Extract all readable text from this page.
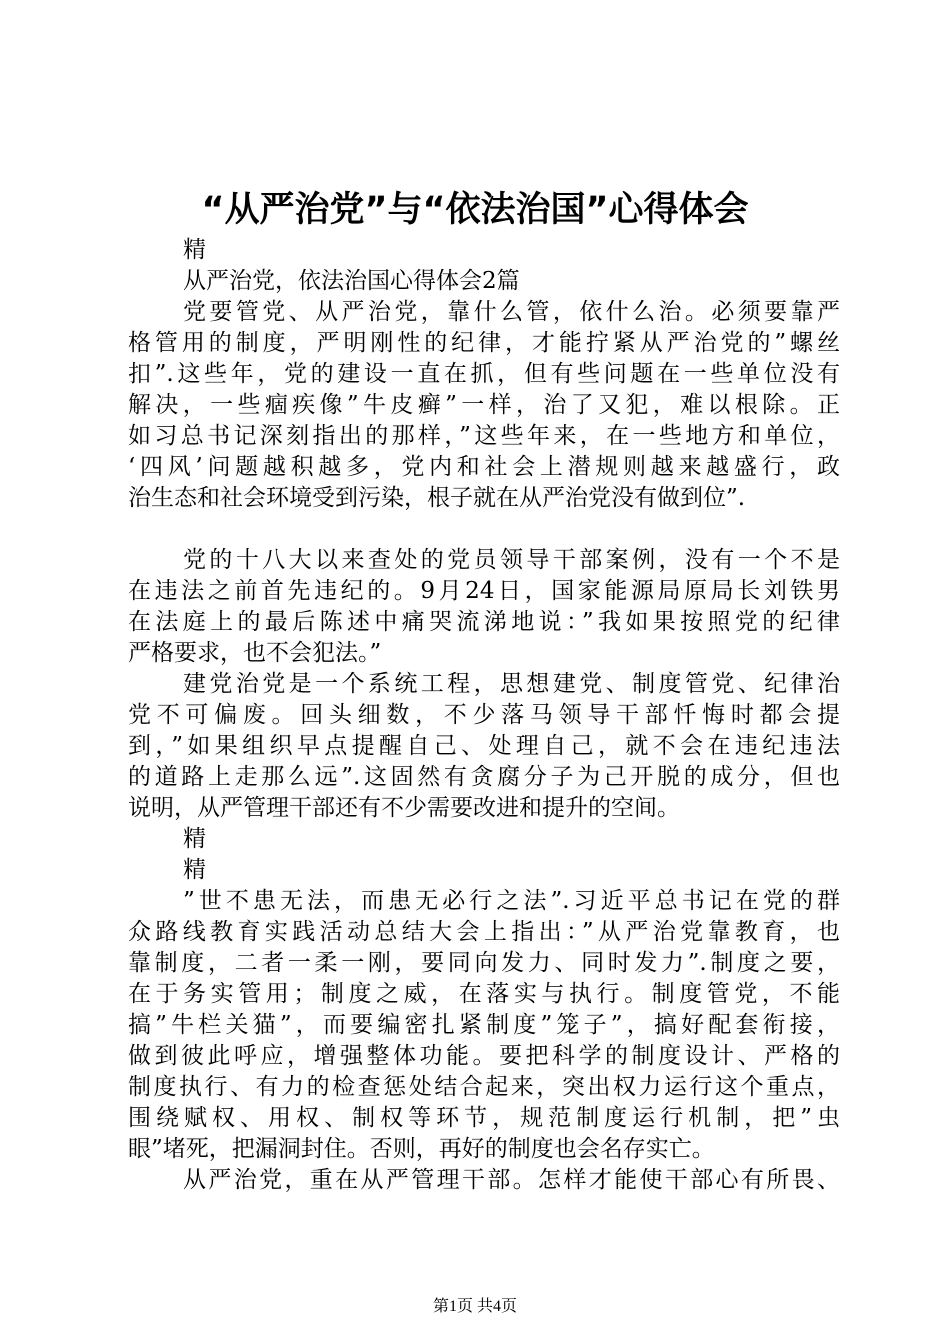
“从严治党”与“依法治国”心得体会
精
从严治党，依法治国心得体会2篇
党要管党、从严治党，靠什么管，依什么治。必须要靠严
格管用的制度，严明刚性的纪律，才能拧紧从严治党的”螺丝
扣”.这些年，党的建设一直在抓，但有些问题在一些单位没有
解决，一些痼疾像”牛皮癣”一样，治了又犯，难以根除。正
如习总书记深刻指出的那样，”这些年来，在一些地方和单位，
‘四风’问题越积越多，党内和社会上潜规则越来越盛行，政
治生态和社会环境受到污染，根子就在从严治党没有做到位”.
党的十八大以来查处的党员领导干部案例，没有一个不是
在违法之前首先违纪的。9月24日，国家能源局原局长刘铁男
在法庭上的最后陈述中痛哭流涕地说：”我如果按照党的纪律
严格要求，也不会犯法。”
建党治党是一个系统工程，思想建党、制度管党、纪律治
党不可偏废。回头细数，不少落马领导干部忏悔时都会提
到，”如果组织早点提醒自己、处理自己，就不会在违纪违法
的道路上走那么远”.这固然有贪腐分子为己开脱的成分，但也
说明，从严管理干部还有不少需要改进和提升的空间。
精
精
”世不患无法，而患无必行之法”.习近平总书记在党的群
众路线教育实践活动总结大会上指出：”从严治党靠教育，也
靠制度，二者一柔一刚，要同向发力、同时发力”.制度之要，
在于务实管用；制度之威，在落实与执行。制度管党，不能
搞”牛栏关猫”，而要编密扎紧制度”笼子”，搞好配套衔接，
做到彼此呼应，增强整体功能。要把科学的制度设计、严格的
制度执行、有力的检查惩处结合起来，突出权力运行这个重点，
围绕赋权、用权、制权等环节，规范制度运行机制，把”虫
眼”堵死，把漏洞封住。否则，再好的制度也会名存实亡。
从严治党，重在从严管理干部。怎样才能使干部心有所畏、
第1页 共4页
